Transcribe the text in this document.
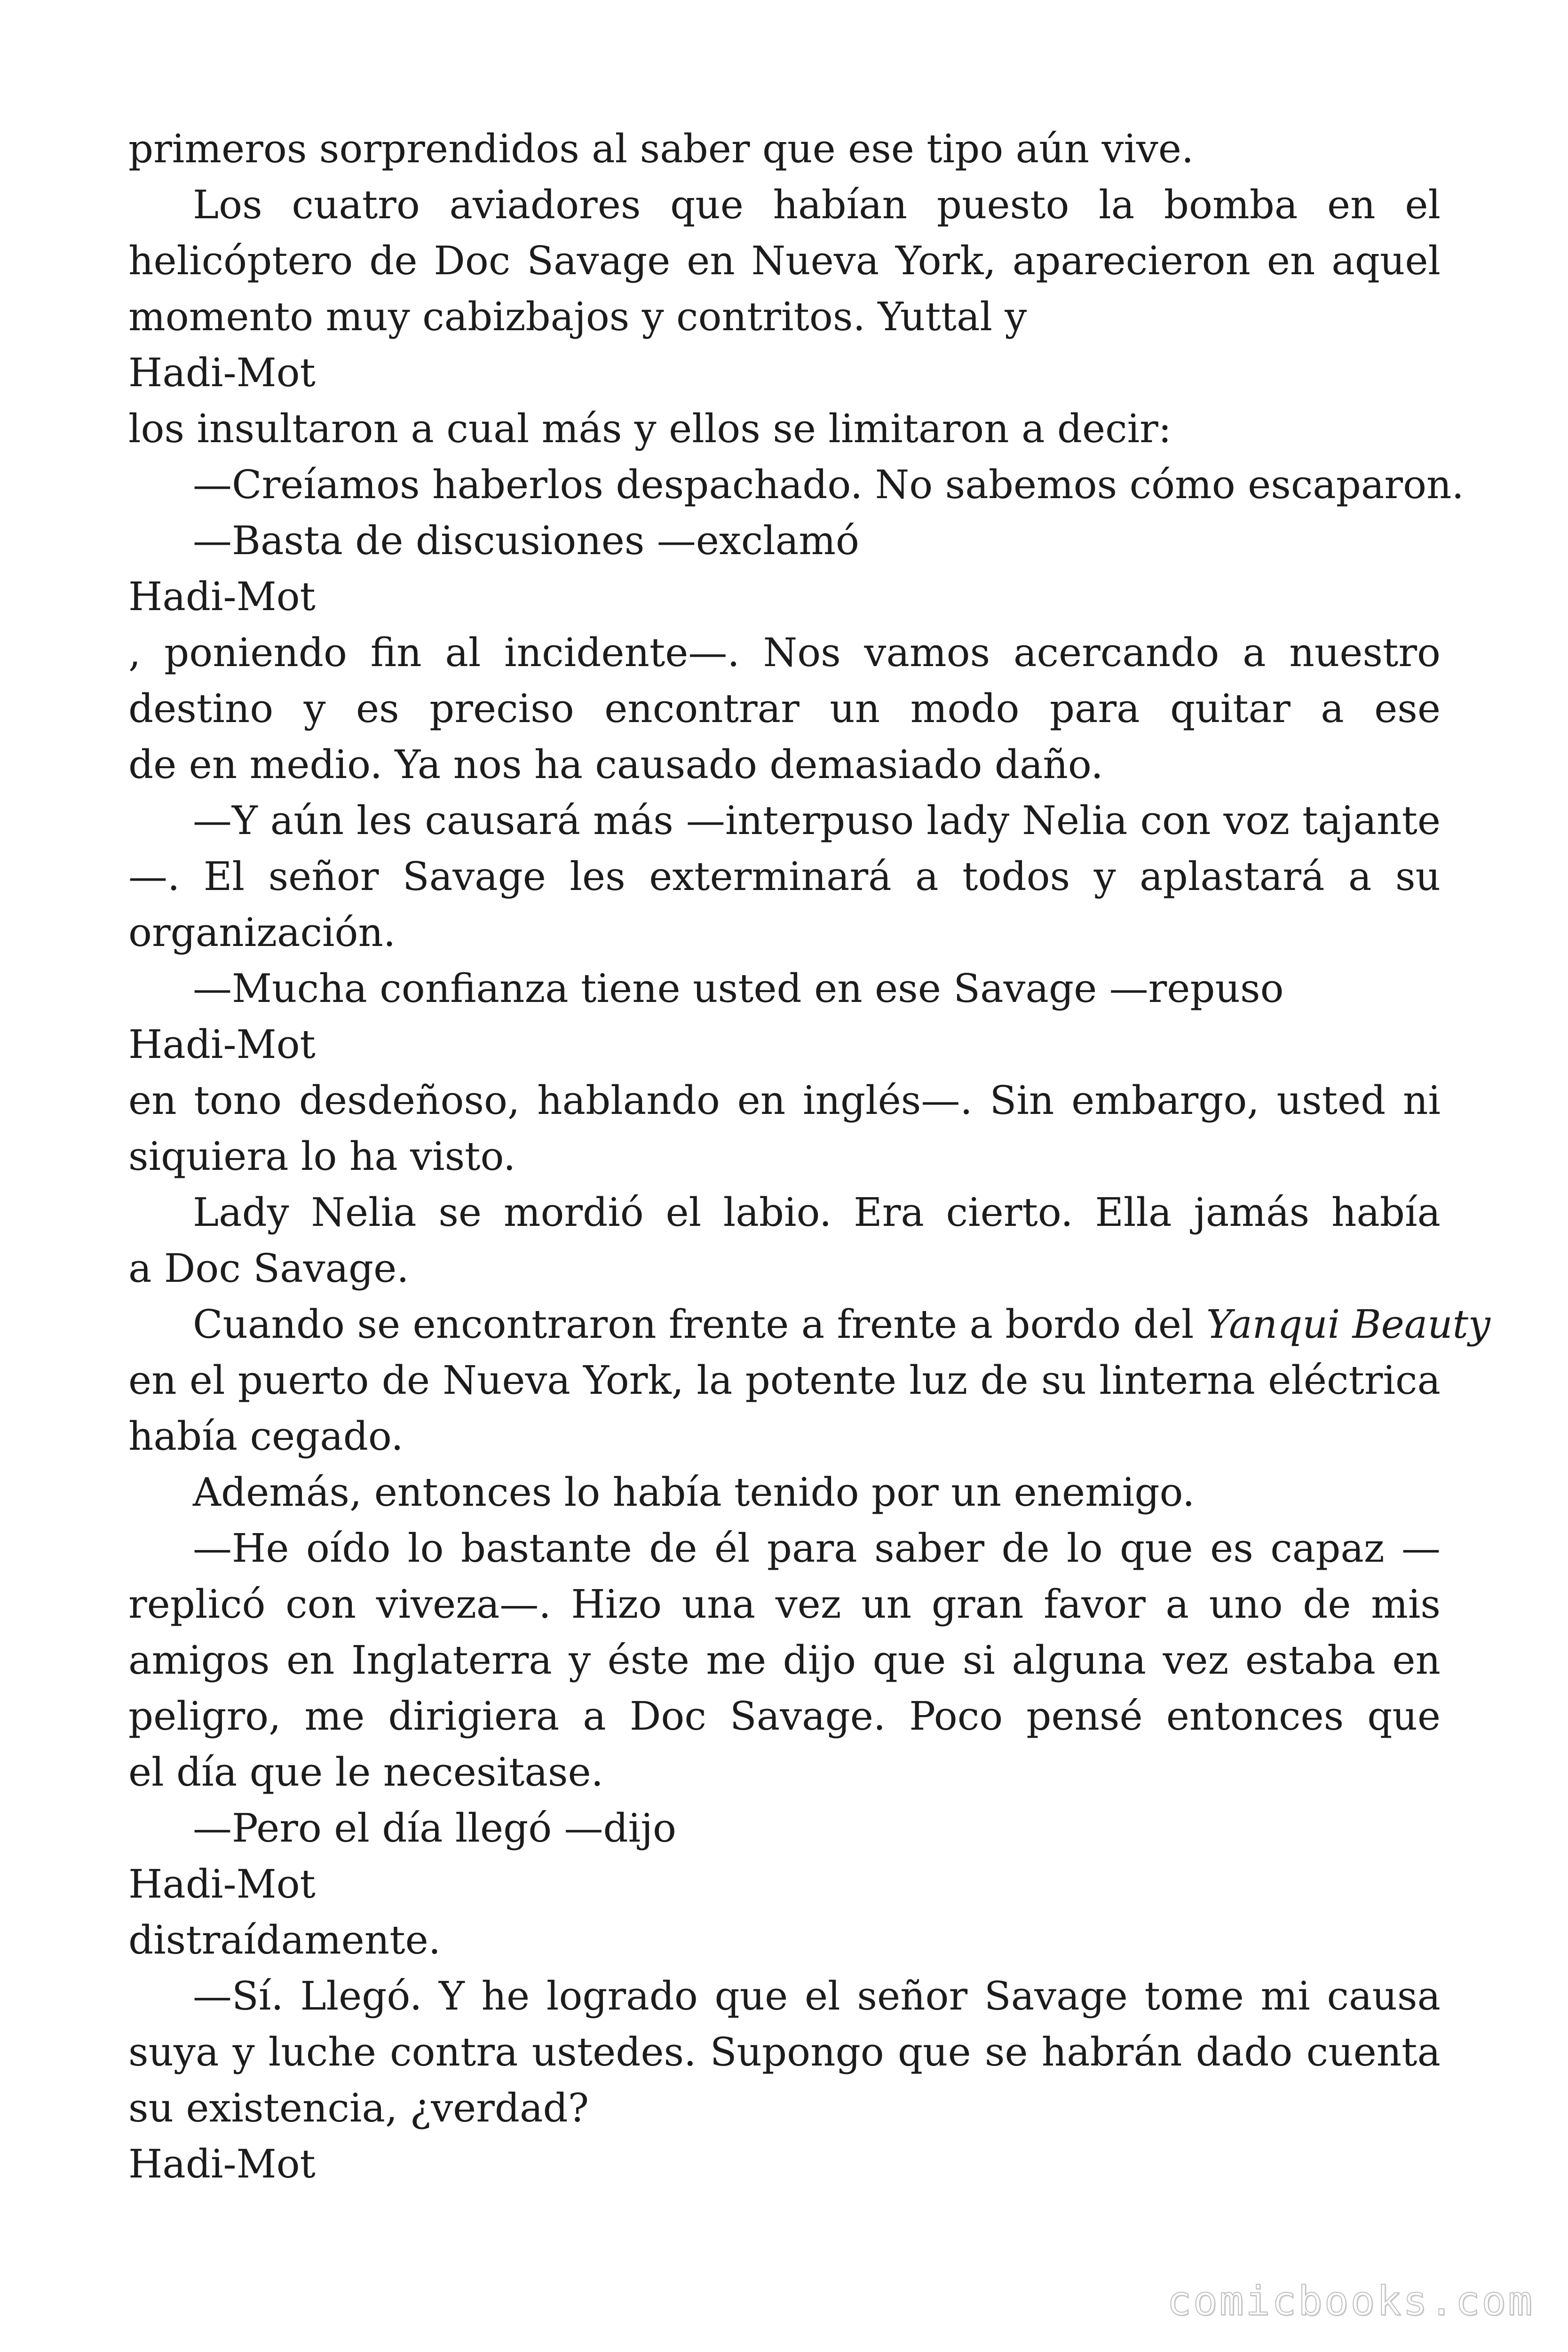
primeros sorprendidos al saber que ese tipo aún vive.
Los cuatro aviadores que habían puesto la bomba en el
helicóptero de Doc Savage en Nueva York, aparecieron en aquel
momento muy cabizbajos y contritos. Yuttal y
Hadi-Mot
los insultaron a cual más y ellos se limitaron a decir:
—Creíamos haberlos despachado. No sabemos cómo escaparon.
—Basta de discusiones —exclamó
Hadi-Mot
, poniendo fin al incidente—. Nos vamos acercando a nuestro
destino y es preciso encontrar un modo para quitar a ese
de en medio. Ya nos ha causado demasiado daño.
—Y aún les causará más —interpuso lady Nelia con voz tajante
—. El señor Savage les exterminará a todos y aplastará a su
organización.
—Mucha confianza tiene usted en ese Savage —repuso
Hadi-Mot
en tono desdeñoso, hablando en inglés—. Sin embargo, usted ni
siquiera lo ha visto.
Lady Nelia se mordió el labio. Era cierto. Ella jamás había
a Doc Savage.
Cuando se encontraron frente a frente a bordo del Yanqui Beauty
en el puerto de Nueva York, la potente luz de su linterna eléctrica
había cegado.
Además, entonces lo había tenido por un enemigo.
—He oído lo bastante de él para saber de lo que es capaz —
replicó con viveza—. Hizo una vez un gran favor a uno de mis
amigos en Inglaterra y éste me dijo que si alguna vez estaba en
peligro, me dirigiera a Doc Savage. Poco pensé entonces que
el día que le necesitase.
—Pero el día llegó —dijo
Hadi-Mot
distraídamente.
—Sí. Llegó. Y he logrado que el señor Savage tome mi causa
suya y luche contra ustedes. Supongo que se habrán dado cuenta
su existencia, ¿verdad?
Hadi-Mot
comicbooks.com
